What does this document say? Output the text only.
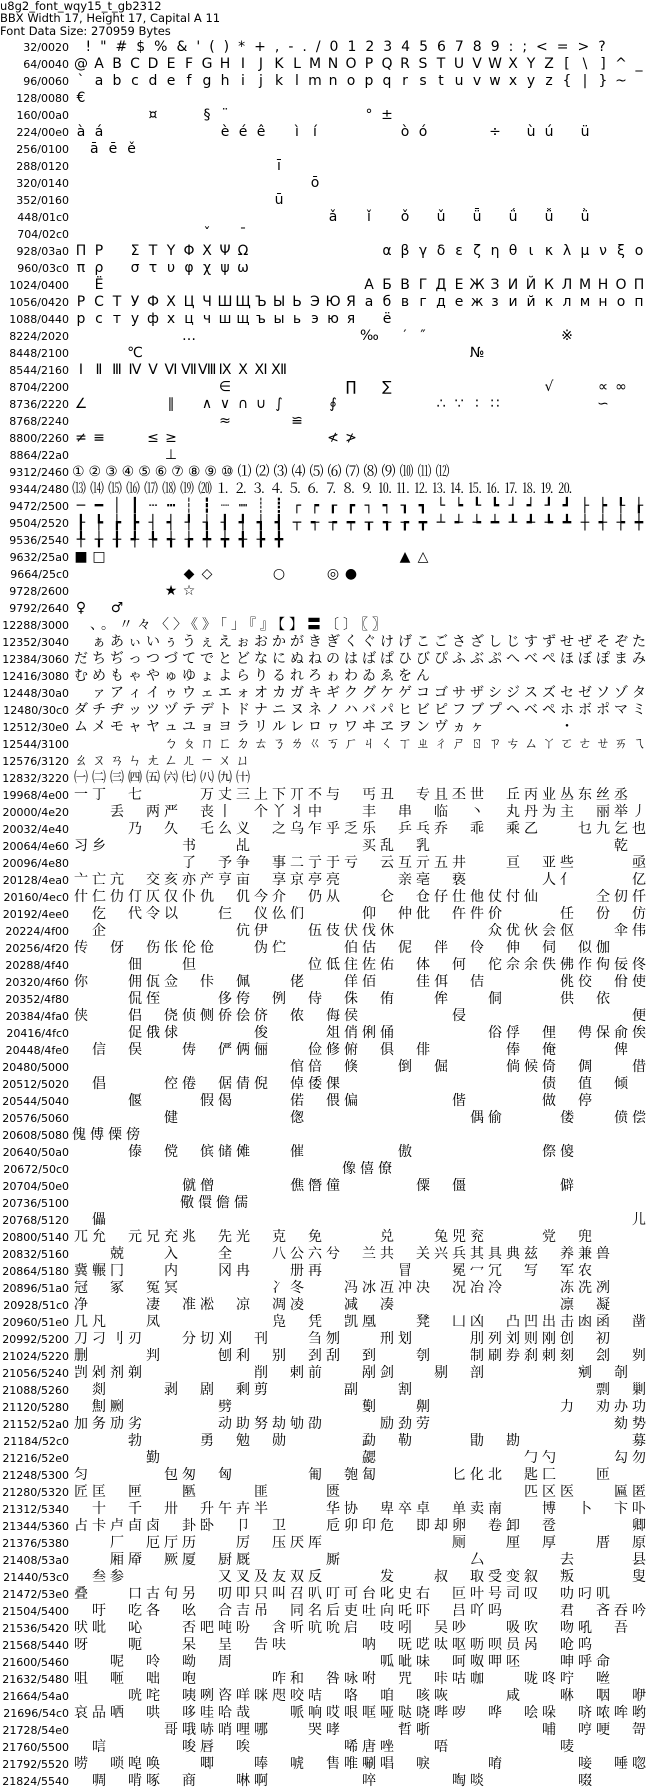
u8g2_font_wqy15_t_gb2312
BBX Width 17, Height 17, Capital A 11
Font Data Size: 270959 Bytes
32/0020 !"#$%&'()*+,-./0123456789:;<=>?
64/0040 @ A B C D E F G H I J K L M N O P Q R S T U V W X Y Z [ \ ] ^ _
96/0060 ` a b c d e f g h i	j k l m n o p q r s t u v w x y z { | } ~
128/0080 €
160/00a0	¤	§ ¨	° ±
224/00e0 à á	è é ê	ì	í	ò ó	÷	ù ú	ü
256/0100	āēě
288/0120	ī
320/0140	ō
352/0160	ū
448/01c0	ǎ	ǐ	ǒ	ǔ	ǖ	ǘ	ǚ	ǜ
704/02c0	ˇ	ˉ
928/03a0 Π Ρ	Σ Τ Υ Φ Χ Ψ Ω	α β γ δ ε ζ η θ ι κ λ μ ν ξ ο
960/03c0 π ρ	σ τ υ φ χ ψ ω
1024/0400	Ё	А Б В Г Д Е Ж З И Й К Л М Н О П
1056/0420 Р С Т У Ф Х Ц Ч Ш Щ Ъ Ы Ь Э Ю Я а б в г д е ж з и й к л м н о п
1088/0440 р с т у ф х ц ч ш щ ъ ы ь э ю я	ё
8224/2020	…	‰	′ ″	※
8448/2100	℃	№
8544/2160 Ⅰ Ⅱ Ⅲ Ⅳ Ⅴ Ⅵ Ⅶ Ⅷ Ⅸ Ⅹ Ⅺ Ⅻ
8704/2200	∈	∏	∑	√	∝ ∞
8736/2220 ∠	∥	∧ ∨ ∩ ∪ ∫	∮	∴ ∵ ∶ ∷	∽
8768/2240	≈	≌
8800/2260 ≠ ≡	≤ ≥	≮ ≯
8864/22a0	⊥
9312/2460 ①②③④⑤⑥⑦⑧⑨⑩⑴⑵⑶⑷⑸⑹⑺⑻⑼⑽⑾⑿
9344/2480 ⒀⒁⒂⒃⒄⒅⒆⒇⒈⒉⒊⒋⒌⒍⒎⒏⒐⒑⒒⒓⒔⒕⒖⒗⒘⒙⒚⒛
9472/2500 ─ ━ │ ┃ ┄ ┅ ┆ ┇ ┈ ┉ ┊ ┋ ┌ ┍ ┎ ┏ ┐ ┑ ┒ ┓ └ ┕ ┖ ┗ ┘ ┙ ┚ ┛ ├ ┝ ┞ ┟
9504/2520 ┠ ┡ ┢ ┣ ┤ ┥ ┦ ┧ ┨ ┩ ┪ ┫ ┬ ┭ ┮ ┯ ┰ ┱ ┲ ┳ ┴ ┵ ┶ ┷ ┸ ┹ ┺ ┻ ┼ ┽ ┾ ┿
9536/2540 ╀ ╁ ╂ ╃ ╄ ╅ ╆ ╇ ╈ ╉ ╊ ╋
9632/25a0 ■ □	▲ △
9664/25c0	◆ ◇	○	◎ ●
9728/2600	★ ☆
9792/2640 ♀ ♂
12288/3000	、。〃々〈〉《》「」『』【】〓〔〕〖〗
12352/3040 ぁ あ ぃ い ぅ う ぇ え ぉ お か が き ぎ く ぐ け げ こ ご さ ざ し じ す ず せ ぜ そ ぞ た
12384/3060 だ ち ぢ っ つ づ て で と ど な に ぬ ね の は ば ぱ ひ び ぴ ふ ぶ ぷ へ べ ぺ ほ ぼ ぽ ま み
12416/3080 む め も ゃ や ゅ ゆ ょ よ ら り る れ ろ ゎ わ ゐ ゑ を ん
12448/30a0 ァ ア ィ イ ゥ ウ ェ エ ォ オ カ ガ キ ギ ク グ ケ ゲ コ ゴ サ ザ シ ジ ス ズ セ ゼ ソ ゾ タ
12480/30c0 ダ チ ヂ ッ ツ ヅ テ デ ト ド ナ ニ ヌ ネ ノ ハ バ パ ヒ ビ ピ フ ブ プ ヘ ベ ペ ホ ボ ポ マ ミ
12512/30e0 ム メ モ ャ ヤ ュ ユ ョ ヨ ラ リ ル レ ロ ヮ ワ ヰ ヱ ヲ ン ヴ ヵ ヶ	・
12544/3100	ㄅ ㄆ ㄇ ㄈ ㄉ ㄊ ㄋ ㄌ ㄍ ㄎ ㄏ ㄐ ㄑ ㄒ ㄓ ㄔ ㄕ ㄖ ㄗ ㄘ ㄙ ㄚ ㄛ ㄜ ㄝ ㄞ ㄟ
12576/3120 ㄠ ㄡ ㄢ ㄣ ㄤ ㄥ ㄦ ㄧ ㄨ ㄩ
12832/3220 ㈠ ㈡ ㈢ ㈣ ㈤ ㈥ ㈦ ㈧ ㈨ ㈩
19968/4e00 一 丁 七	万 丈 三 上 下 丌 不 与 丐 丑 专 且 丕 世 丘 丙 业 丛 东 丝 丞
20000/4e20	丢 两 严 丧 丨 个 丫 丬 中	丰 串 临 丶 丸 丹 为 主 丽 举 丿
20032/4e40	乃 久 乇 么 义 之 乌 乍 乎 乏 乐 乒 乓 乔 乖 乘 乙	乜 九 乞 也
20064/4e60 习 乡	书	乩	买 乱 乳	乾
20096/4e80	了 予 争 事 二 亍 于 亏 云 互 亓 五 井	亘 亚 些	亟
20128/4ea0 亠 亡 亢 交 亥 亦 产 亨 亩 享 京 亭 亮	亲 亳 亵	人 亻	亿
20160/4ec0 什 仁 仂 仃 仄 仅 仆 仇 仉 今 介 仍 从	仑 仓 仔 仕 他 仗 付 仙	仝 仞 仟
20192/4ee0 仡 代 令 以	仨 仪 仫 们	仰 仲 仳 仵 件 价	任 份 仿
20224/4f00 企	伉 伊	伍 伎 伏 伐 休	众 优 伙 会 伛	伞 伟
20256/4f20 传 伢 伤 伥 伦 伧	伪 伫	伯 估 伲 伴 伶 伸 伺 似 伽
20288/4f40	佃	但	位 低 住 佐 佑 体 何 佗 佘 余 佚 佛 作 佝 佞 佟
20320/4f60 你	佣 佤 佥 佧 佩	佬	佯 佰	佳 佴 佶	佻 佼 佾 使
20352/4f80	侃 侄	侈 侉 例 侍 侏 侑	侔	侗	供 依
20384/4fa0 侠	侣 侥 侦 侧 侨 侩 侪 侬 侮 侯	侵	便
20416/4fc0	促 俄 俅	俊	俎 俏 俐 俑	俗 俘 俚 俜 保 俞 俟
20448/4fe0 信 俣	俦 俨 俩 俪	俭 修 俯 俱 俳	俸 俺	俾
20480/5000	倌 倍 倏	倒 倔	倘 候 倚 倜	借
20512/5020 倡	倥 倦 倨 倩 倪 倬 倭 倮	债 值 倾
20544/5040	偃	假 偈	偌 偎 偏	偕	做 停
20576/5060	健	偬	偶 偷	偻	偾 偿
20608/5080 傀傅傈傍
20640/50a0	傣 傥 傧 储 傩	催	傲	傺 傻
20672/50c0	像僖僚
20704/50e0	僦 僧	僬 僭 僮	僳 僵	僻
20736/5100	儆儇儋儒
20768/5120 儡	儿
20800/5140 兀 允 元 兄 充 兆 先 光 克 免	兑	兔 兕 兖	党 兜
20832/5160	兢	入	全	八 公 六 兮 兰 共 关 兴 兵 其 具 典 兹 养 兼 兽
20864/5180 冀 冁 冂	内	冈 冉	册 再	冒	冕 冖 冗 写 军 农
20896/51a0 冠 冢 冤 冥	冫 冬	冯 冰 冱 冲 决 况 冶 冷	冻 冼 冽
20928/51c0 净	凄 准 凇 凉 凋 凌	减 凑	凛 凝
20960/51e0 几 凡	凤	凫 凭 凯 凰	凳 凵 凶 凸 凹 出 击 凼 函 凿
20992/5200 刀 刁 刂 刃	分 切 刈 刊	刍 刎	刑 划	刖 列 刘 则 刚 创 初
21024/5220 删	判	刨 利 别 刭 刮 到	刳	制 刷 券 刹 刺 刻 刽 刿
21056/5240 剀 剁 剂 剃	削 剌 前	剐 剑	剔 剖	剜 剞
21088/5260 剡	剥 剧 剩 剪	副	割	剽 剿
21120/5280 劁 劂	劈	劐	劓	力 劝 办 功
21152/52a0 加 务 劢 劣	动 助 努 劫 劬 劭	励 劲 劳	劾 势
21184/52c0	勃	勇 勉 勋	勐 勒	勖 勘	募
21216/52e0	勤	勰	勹 勺	勾 勿
21248/5300 匀	包 匆 匈	匍 匏 匐	匕 化 北 匙 匚	匝
21280/5320 匠 匡 匣	匦	匪	匮	匹 区 医	匾 匿
21312/5340 十 千 卅 升 午 卉 半	华 协 卑 卒 卓 单 卖 南	博 卜 卞 卟
21344/5360 占 卡 卢 卣 卤 卦 卧 卩 卫	卮 卯 印 危 即 却 卵 卷 卸 卺	卿
21376/5380	厂 厄 厅 历	厉 压 厌 厍	厕	厘 厚	厝 原
21408/53a0	厢 厣 厥 厦 厨 厩	厮	厶	去	县
21440/53c0 叁 参	又 叉 及 友 双 反	发	叔 取 受 变 叙 叛	叟
21472/53e0 叠	口 古 句 另 叨 叩 只 叫 召 叭 叮 可 台 叱 史 右 叵 叶 号 司 叹 叻 叼 叽
21504/5400 吁 吃 各 吆 合 吉 吊 同 名 后 吏 吐 向 吒 吓 吕 吖 吗	君 吝 吞 吟
21536/5420 吠 吡 吣	否 吧 吨 吩 含 听 吭 吮 启 吱 吲 吴 吵	吸 吹 吻 吼 吾
21568/5440 呀	呃	呆 呈 告 呋	呐 呒 呓 呔 呕 呖 呗 员 呙 呛 呜
21600/5460	呢 呤 呦 周	呱 呲 味 呵 呶 呷 呸	呻 呼 命
21632/5480 咀 咂 咄 咆	咋 和 咎 咏 咐 咒 咔 咕 咖	咙 咚 咛 咝
21664/54a0	咣 咤 咦 咧 咨 咩 咪 咫 咬 咭 咯 咱 咳 咴	咸	咻 咽 咿
21696/54c0 哀 品 哂 哄 哆 哇 哈 哉	哌 响 哎 哏 哐 哑 哒 哓 哔 哕 哗 哙 哚 哜 哝 哞 哟
21728/54e0	哥 哦 哧 哨 哩 哪	哭 哮	哲 哳	哺 哼 哽 哿
21760/5500 唁	唆 唇 唉	唏 唐 唑	唔	唛
21792/5520 唠 唢 唣 唤	唧	唪 唬 售 唯 唰 唱 唳	唷	唼 唾 唿
21824/5540 啁 啃 啄 商	啉 啊	啐	啕 啖	啜
